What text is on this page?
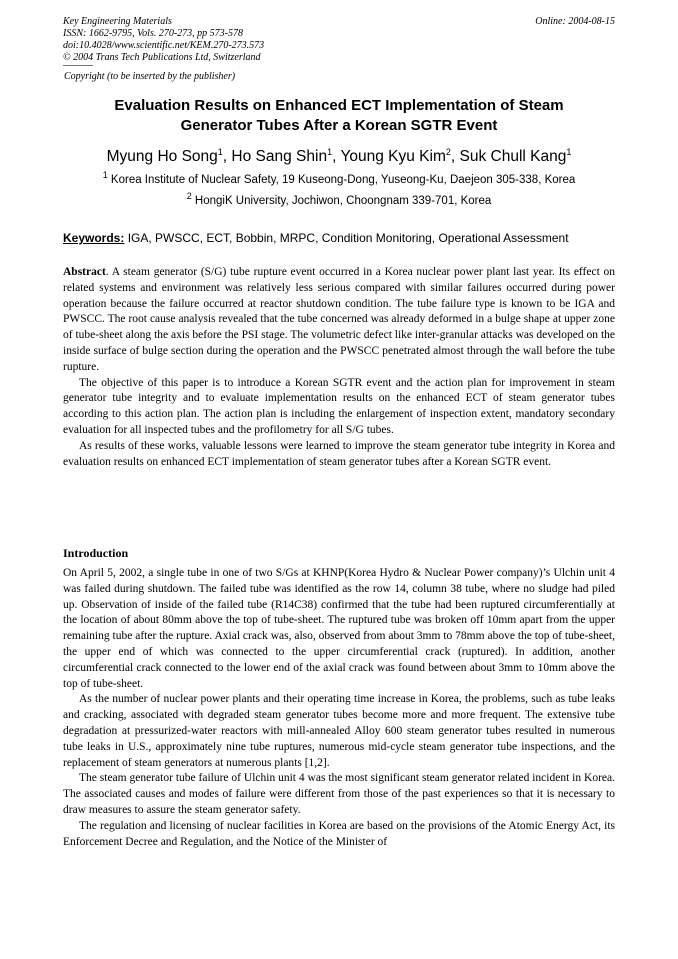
Key Engineering Materials
ISSN: 1662-9795, Vols. 270-273, pp 573-578
doi:10.4028/www.scientific.net/KEM.270-273.573
© 2004 Trans Tech Publications Ltd, Switzerland
Online: 2004-08-15
Copyright (to be inserted by the publisher)
Evaluation Results on Enhanced ECT Implementation of Steam
Generator Tubes After a Korean SGTR Event
Myung Ho Song$^1$, Ho Sang Shin$^1$, Young Kyu Kim$^2$, Suk Chull Kang$^1$
$^1$ Korea Institute of Nuclear Safety, 19 Kuseong-Dong, Yuseong-Ku, Daejeon 305-338, Korea
$^2$ HongiK University, Jochiwon, Choongnam 339-701, Korea
Keywords: IGA, PWSCC, ECT, Bobbin, MRPC, Condition Monitoring, Operational Assessment

Abstract. A steam generator (S/G) tube rupture event occurred in a Korea nuclear power plant last year. Its effect on related systems and environment was relatively less serious compared with similar failures occurred during power operation because the failure occurred at reactor shutdown condition. The tube failure type is known to be IGA and PWSCC. The root cause analysis revealed that the tube concerned was already deformed in a bulge shape at upper zone of tube-sheet along the axis before the PSI stage. The volumetric defect like inter-granular attacks was developed on the inside surface of bulge section during the operation and the PWSCC penetrated almost through the wall before the tube rupture.

The objective of this paper is to introduce a Korean SGTR event and the action plan for improvement in steam generator tube integrity and to evaluate implementation results on the enhanced ECT of steam generator tubes according to this action plan. The action plan is including the enlargement of inspection extent, mandatory secondary evaluation for all inspected tubes and the profilometry for all S/G tubes.

As results of these works, valuable lessons were learned to improve the steam generator tube integrity in Korea and evaluation results on enhanced ECT implementation of steam generator tubes after a Korean SGTR event.

Introduction

On April 5, 2002, a single tube in one of two S/Gs at KHNP(Korea Hydro & Nuclear Power company)’s Ulchin unit 4 was failed during shutdown. The failed tube was identified as the row 14, column 38 tube, where no sludge had piled up. Observation of inside of the failed tube (R14C38) confirmed that the tube had been ruptured circumferentially at the location of about 80mm above the top of tube-sheet. The ruptured tube was broken off 10mm apart from the upper remaining tube after the rupture. Axial crack was, also, observed from about 3mm to 78mm above the top of tube-sheet, the upper end of which was connected to the upper circumferential crack (ruptured). In addition, another circumferential crack connected to the lower end of the axial crack was found between about 3mm to 10mm above the top of tube-sheet.

As the number of nuclear power plants and their operating time increase in Korea, the problems, such as tube leaks and cracking, associated with degraded steam generator tubes become more and more frequent. The extensive tube degradation at pressurized-water reactors with mill-annealed Alloy 600 steam generator tubes resulted in numerous tube leaks in U.S., approximately nine tube ruptures, numerous mid-cycle steam generator tube inspections, and the replacement of steam generators at numerous plants [1,2].

The steam generator tube failure of Ulchin unit 4 was the most significant steam generator related incident in Korea. The associated causes and modes of failure were different from those of the past experiences so that it is necessary to draw measures to assure the steam generator safety.

The regulation and licensing of nuclear facilities in Korea are based on the provisions of the Atomic Energy Act, its Enforcement Decree and Regulation, and the Notice of the Minister of
